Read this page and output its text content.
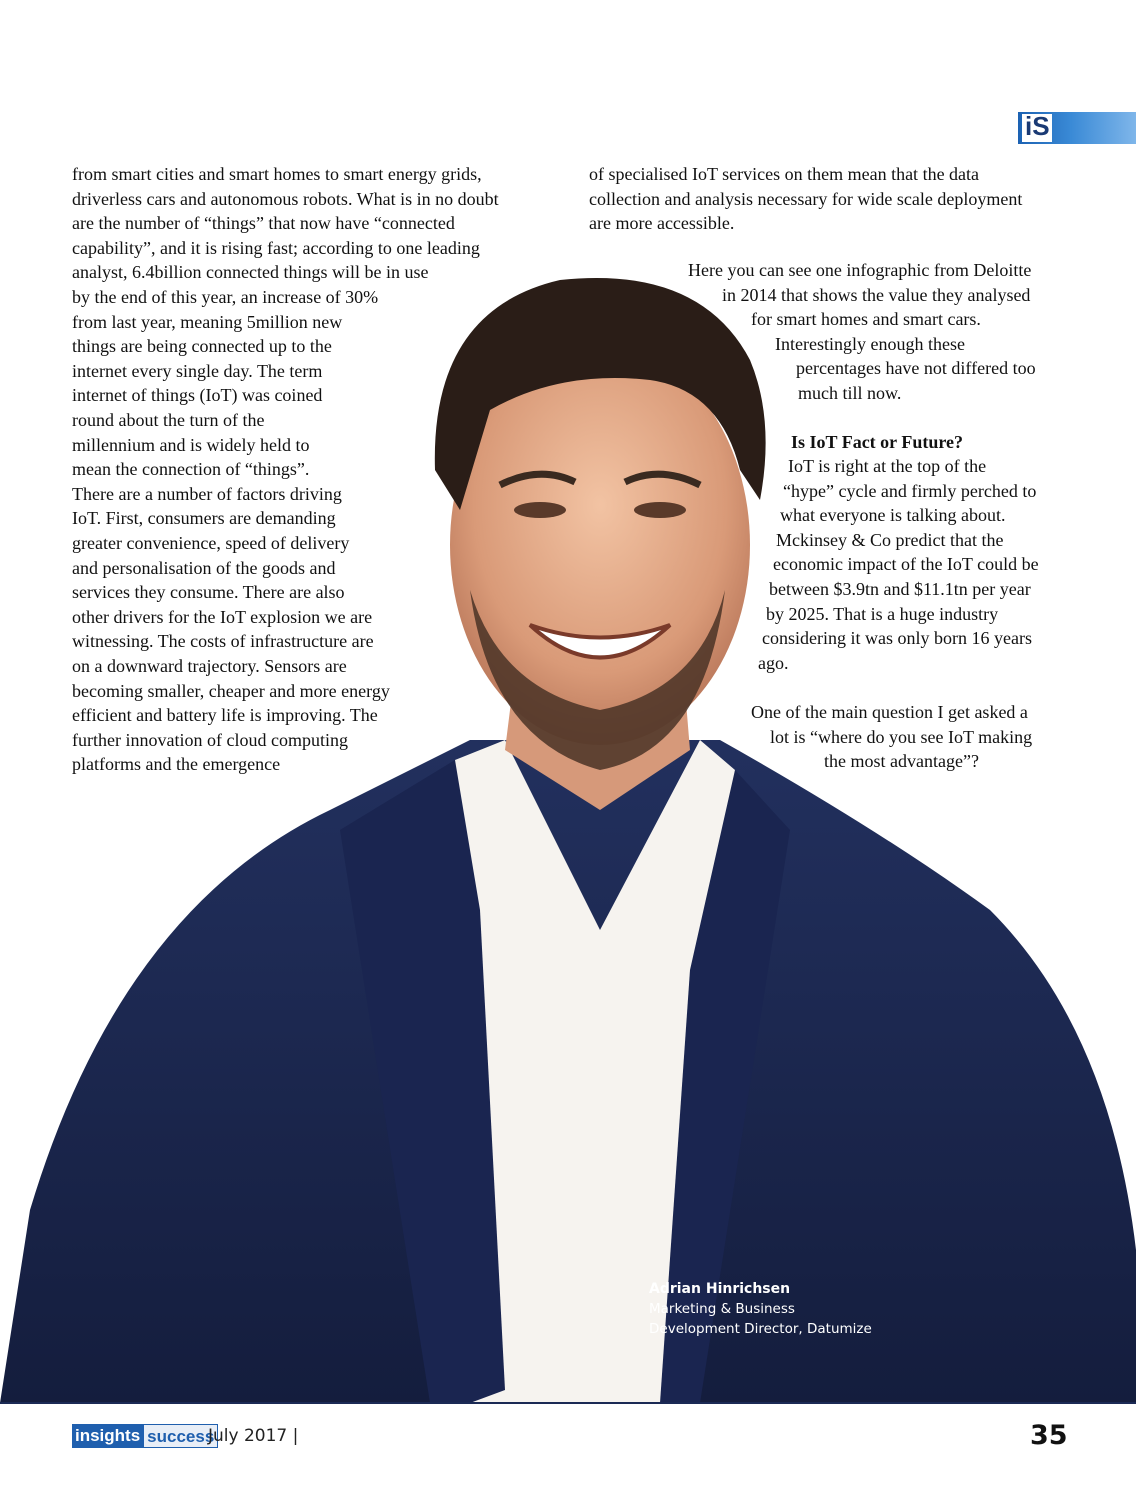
iS
from smart cities and smart homes to smart energy grids,
driverless cars and autonomous robots. What is in no doubt
are the number of “things” that now have “connected
capability”, and it is rising fast; according to one leading
analyst, 6.4billion connected things will be in use
by the end of this year, an increase of 30%
from last year, meaning 5million new
things are being connected up to the
internet every single day. The term
internet of things (IoT) was coined
round about the turn of the
millennium and is widely held to
mean the connection of “things”.
There are a number of factors driving
IoT. First, consumers are demanding
greater convenience, speed of delivery
and personalisation of the goods and
services they consume. There are also
other drivers for the IoT explosion we are
witnessing. The costs of infrastructure are
on a downward trajectory. Sensors are
becoming smaller, cheaper and more energy
efficient and battery life is improving. The
further innovation of cloud computing
platforms and the emergence
of specialised IoT services on them mean that the data
collection and analysis necessary for wide scale deployment
are more accessible.
Here you can see one infographic from Deloitte
in 2014 that shows the value they analysed
for smart homes and smart cars.
Interestingly enough these
percentages have not differed too
much till now.
Is IoT Fact or Future?
IoT is right at the top of the
“hype” cycle and firmly perched to
what everyone is talking about.
Mckinsey & Co predict that the
economic impact of the IoT could be
between $3.9tn and $11.1tn per year
by 2025. That is a huge industry
considering it was only born 16 years
ago.
One of the main question I get asked a
lot is “where do you see IoT making
the most advantage”?
Adrian Hinrichsen
Marketing & Business
Development Director, Datumize
insights success
July 2017 |	35
